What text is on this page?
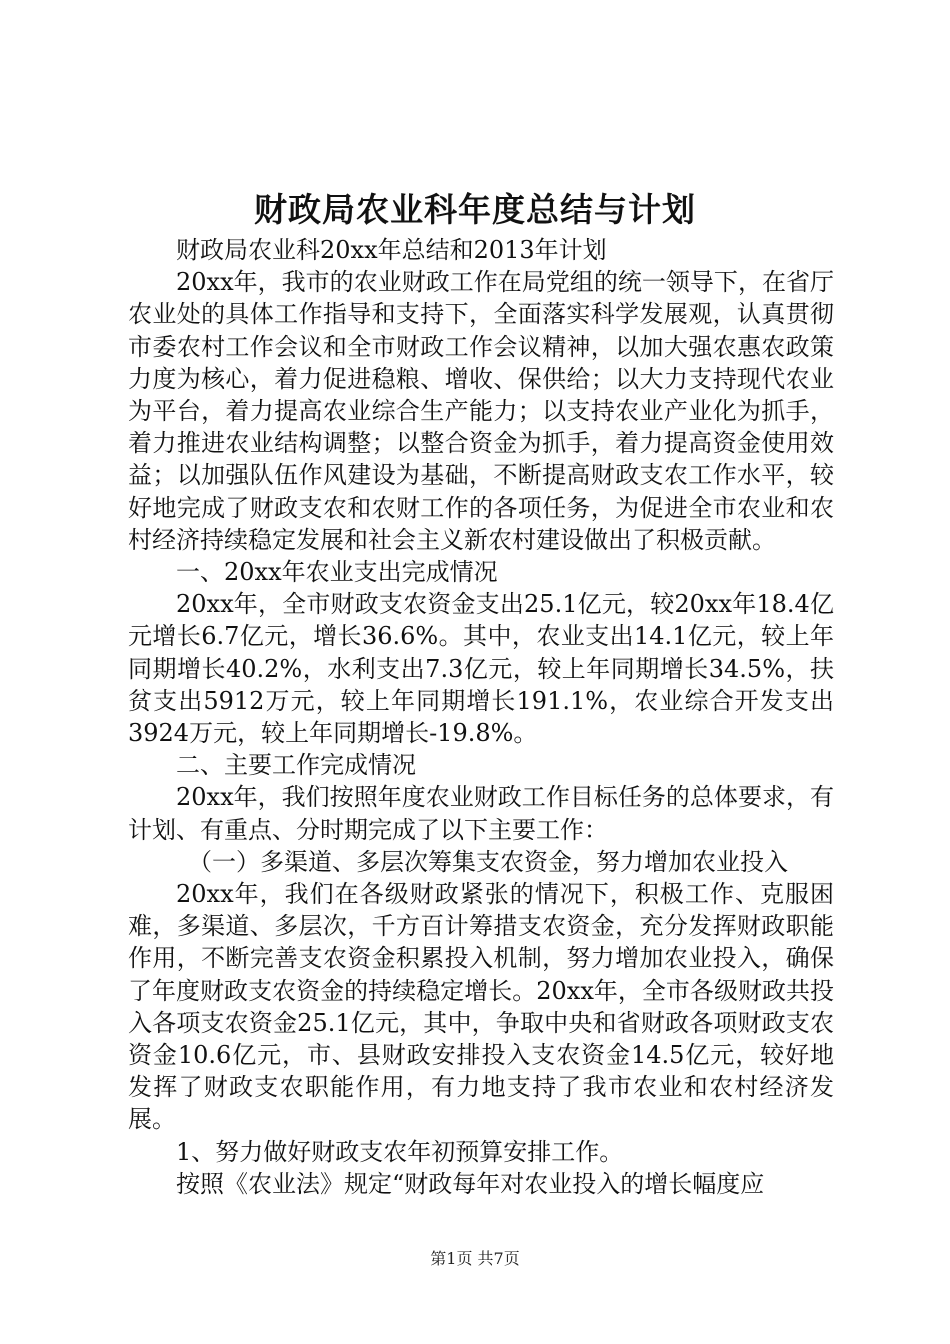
财政局农业科年度总结与计划

财政局农业科20xx年总结和2013年计划

20xx年，我市的农业财政工作在局党组的统一领导下，在省厅农业处的具体工作指导和支持下，全面落实科学发展观，认真贯彻市委农村工作会议和全市财政工作会议精神，以加大强农惠农政策力度为核心，着力促进稳粮、增收、保供给；以大力支持现代农业为平台，着力提高农业综合生产能力；以支持农业产业化为抓手，着力推进农业结构调整；以整合资金为抓手，着力提高资金使用效益；以加强队伍作风建设为基础，不断提高财政支农工作水平，较好地完成了财政支农和农财工作的各项任务，为促进全市农业和农村经济持续稳定发展和社会主义新农村建设做出了积极贡献。

一、20xx年农业支出完成情况

20xx年，全市财政支农资金支出25.1亿元，较20xx年18.4亿元增长6.7亿元，增长36.6%。其中，农业支出14.1亿元，较上年同期增长40.2%，水利支出7.3亿元，较上年同期增长34.5%，扶贫支出5912万元，较上年同期增长191.1%，农业综合开发支出3924万元，较上年同期增长-19.8%。

二、主要工作完成情况

20xx年，我们按照年度农业财政工作目标任务的总体要求，有计划、有重点、分时期完成了以下主要工作：

（一）多渠道、多层次筹集支农资金，努力增加农业投入

20xx年，我们在各级财政紧张的情况下，积极工作、克服困难，多渠道、多层次，千方百计筹措支农资金，充分发挥财政职能作用，不断完善支农资金积累投入机制，努力增加农业投入，确保了年度财政支农资金的持续稳定增长。20xx年，全市各级财政共投入各项支农资金25.1亿元，其中，争取中央和省财政各项财政支农资金10.6亿元，市、县财政安排投入支农资金14.5亿元，较好地发挥了财政支农职能作用，有力地支持了我市农业和农村经济发展。

1、努力做好财政支农年初预算安排工作。

按照《农业法》规定“财政每年对农业投入的增长幅度应

第1页 共7页
